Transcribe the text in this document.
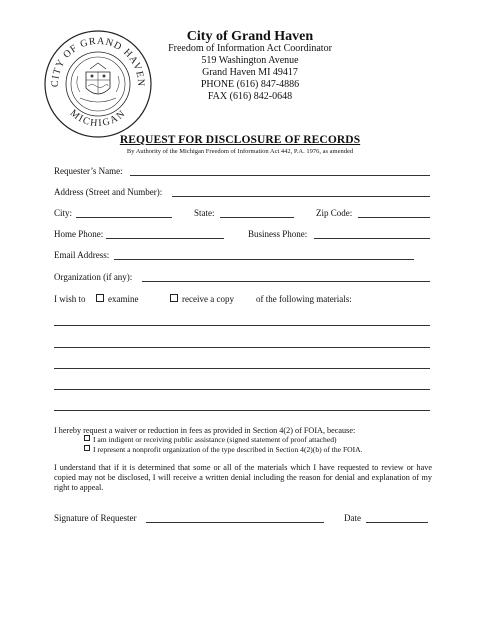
CITY OF GRAND HAVEN
MICHIGAN
City of Grand Haven
Freedom of Information Act Coordinator
519 Washington Avenue
Grand Haven MI 49417
PHONE (616) 847-4886
FAX (616) 842-0648
REQUEST FOR DISCLOSURE OF RECORDS
By Authority of the Michigan Freedom of Information Act 442, P.A. 1976, as amended
Requester’s Name:
Address (Street and Number):
City:	State:	Zip Code:
Home Phone:	Business Phone:
Email Address:
Organization (if any):
I wish to	examine	receive a copy of the following materials:
I hereby request a waiver or reduction in fees as provided in Section 4(2) of FOIA, because:
I am indigent or receiving public assistance (signed statement of proof attached)
I represent a nonprofit organization of the type described in Section 4(2)(b) of the FOIA.
I understand that if it is determined that some or all of the materials which I have requested to review or have copied may not be disclosed, I will receive a written denial including the reason for denial and explanation of my right to appeal.
Signature of Requester	Date
